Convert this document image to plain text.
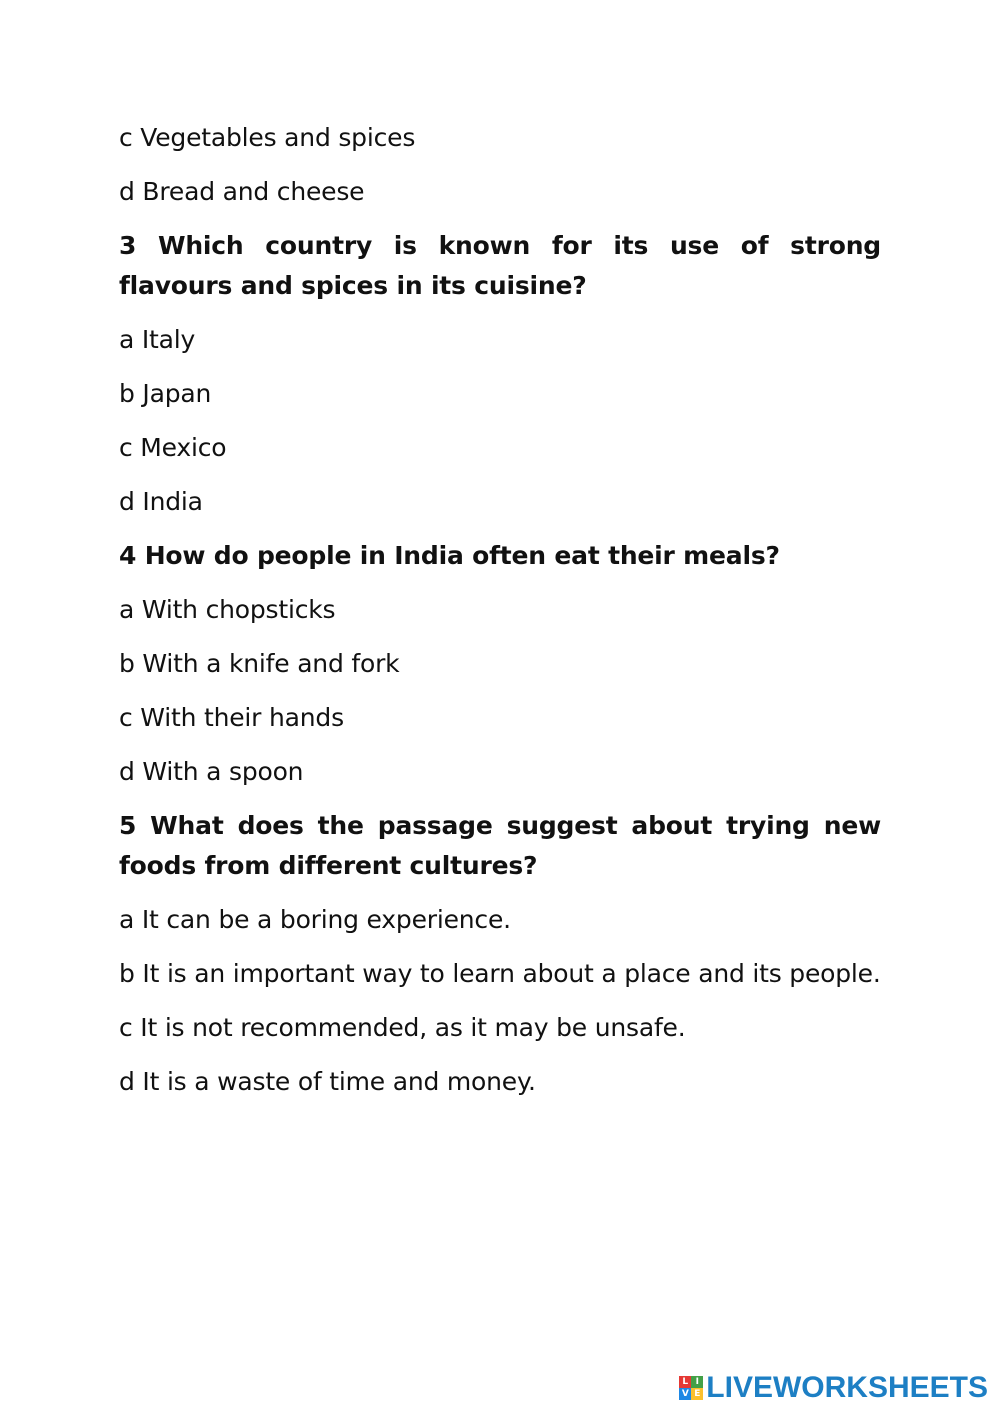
c Vegetables and spices

d Bread and cheese

3 Which country is known for its use of strong flavours and spices in its cuisine?

a Italy

b Japan

c Mexico

d India

4 How do people in India often eat their meals?

a With chopsticks

b With a knife and fork

c With their hands

d With a spoon

5 What does the passage suggest about trying new foods from different cultures?

a It can be a boring experience.

b It is an important way to learn about a place and its people.

c It is not recommended, as it may be unsafe.

d It is a waste of time and money.

L I
V E LIVEWORKSHEETS
